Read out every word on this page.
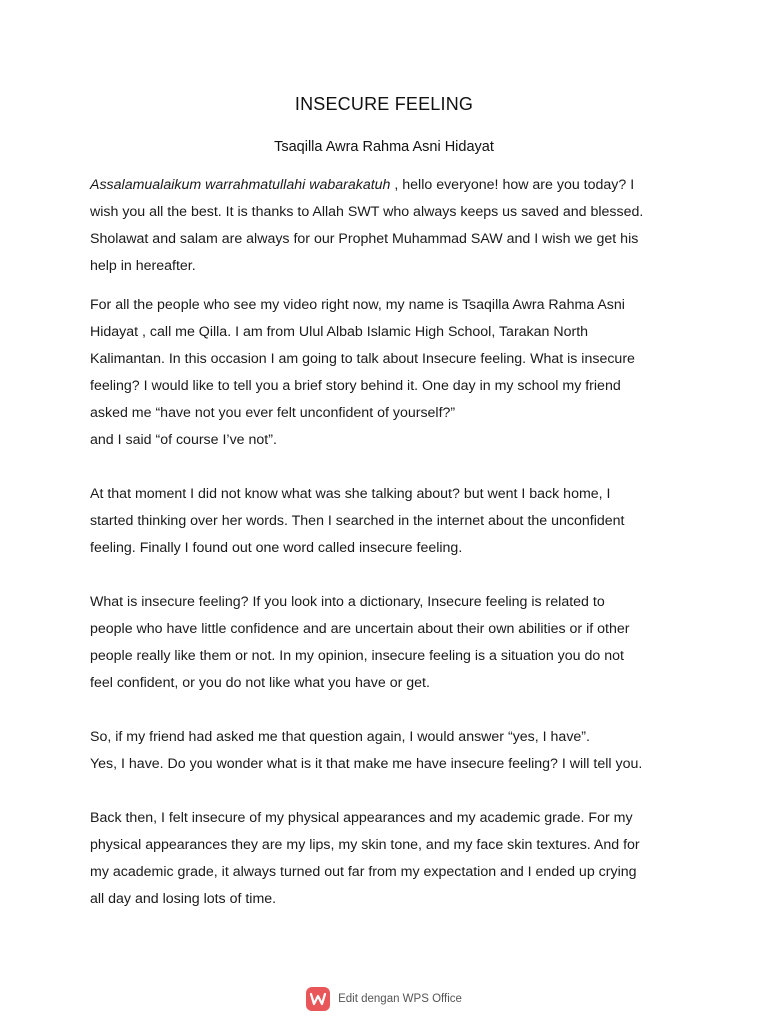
INSECURE FEELING
Tsaqilla Awra Rahma Asni Hidayat

Assalamualaikum warrahmatullahi wabarakatuh , hello everyone! how are you today? I
wish you all the best. It is thanks to Allah SWT who always keeps us saved and blessed.
Sholawat and salam are always for our Prophet Muhammad SAW and I wish we get his
help in hereafter.

For all the people who see my video right now, my name is Tsaqilla Awra Rahma Asni
Hidayat , call me Qilla. I am from Ulul Albab Islamic High School, Tarakan North
Kalimantan. In this occasion I am going to talk about Insecure feeling. What is insecure
feeling? I would like to tell you a brief story behind it. One day in my school my friend
asked me “have not you ever felt unconfident of yourself?”
and I said “of course I’ve not”.

At that moment I did not know what was she talking about? but went I back home, I
started thinking over her words. Then I searched in the internet about the unconfident
feeling. Finally I found out one word called insecure feeling.

What is insecure feeling? If you look into a dictionary, Insecure feeling is related to
people who have little confidence and are uncertain about their own abilities or if other
people really like them or not. In my opinion, insecure feeling is a situation you do not
feel confident, or you do not like what you have or get.

So, if my friend had asked me that question again, I would answer “yes, I have”.
Yes, I have. Do you wonder what is it that make me have insecure feeling? I will tell you.

Back then, I felt insecure of my physical appearances and my academic grade. For my
physical appearances they are my lips, my skin tone, and my face skin textures. And for
my academic grade, it always turned out far from my expectation and I ended up crying
all day and losing lots of time.

Edit dengan WPS Office
